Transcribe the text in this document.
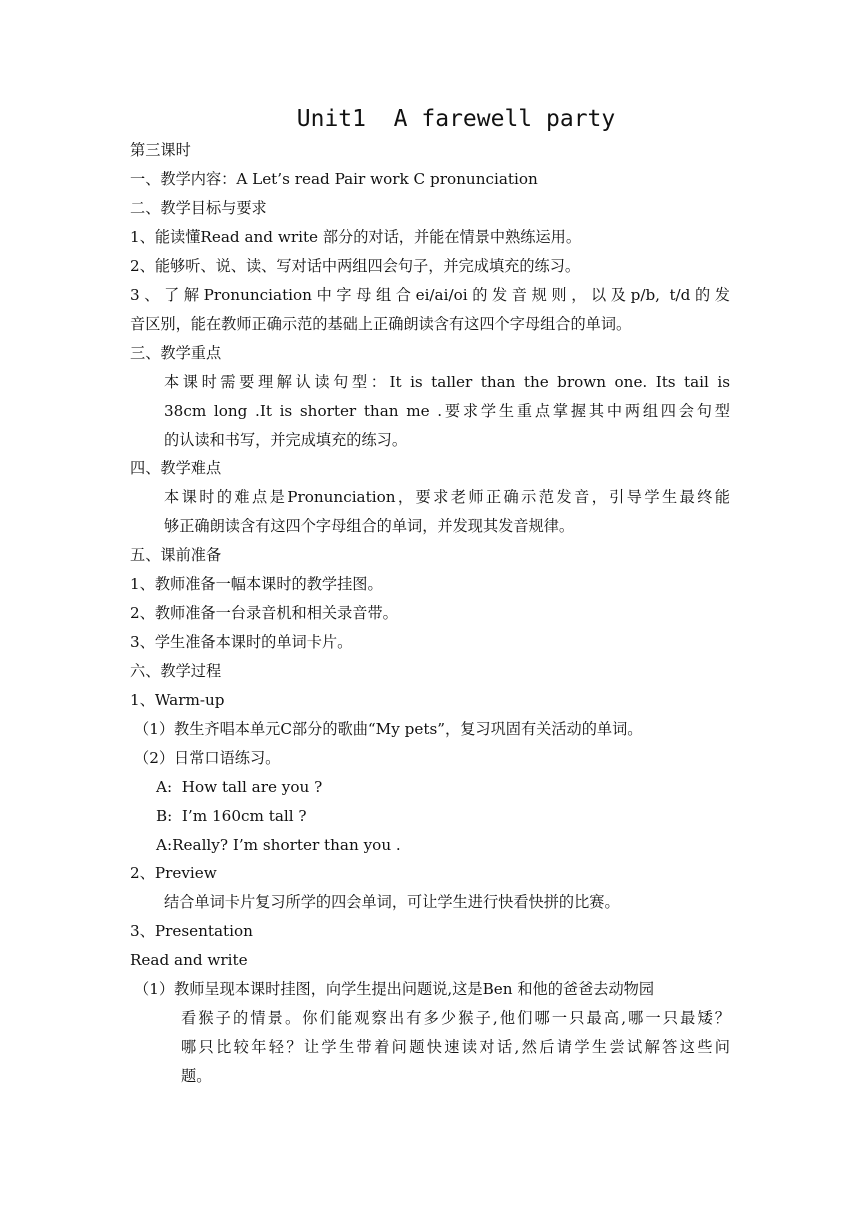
Unit1  A farewell party
第三课时
一、教学内容：A Let’s read Pair work C pronunciation
二、教学目标与要求
1、能读懂Read and write 部分的对话，并能在情景中熟练运用。
2、能够听、说、读、写对话中两组四会句子，并完成填充的练习。
3、了解Pronunciation中字母组合ei/ai/oi的发音规则，以及p/b, t/d的发
音区别，能在教师正确示范的基础上正确朗读含有这四个字母组合的单词。
三、教学重点
本课时需要理解认读句型：It is taller than the brown one. Its tail is
38cm long .It is shorter than me .要求学生重点掌握其中两组四会句型
的认读和书写，并完成填充的练习。
四、教学难点
本课时的难点是Pronunciation，要求老师正确示范发音，引导学生最终能
够正确朗读含有这四个字母组合的单词，并发现其发音规律。
五、课前准备
1、教师准备一幅本课时的教学挂图。
2、教师准备一台录音机和相关录音带。
3、学生准备本课时的单词卡片。
六、教学过程
1、Warm-up
（1）教生齐唱本单元C部分的歌曲“My pets”，复习巩固有关活动的单词。
（2）日常口语练习。
A:  How tall are you ?
B:  I’m 160cm tall ?
A:Really? I’m shorter than you .
2、Preview
结合单词卡片复习所学的四会单词，可让学生进行快看快拼的比赛。
3、Presentation
Read and write
（1）教师呈现本课时挂图，向学生提出问题说,这是Ben 和他的爸爸去动物园
看猴子的情景。你们能观察出有多少猴子,他们哪一只最高,哪一只最矮？
哪只比较年轻？让学生带着问题快速读对话,然后请学生尝试解答这些问
题。
